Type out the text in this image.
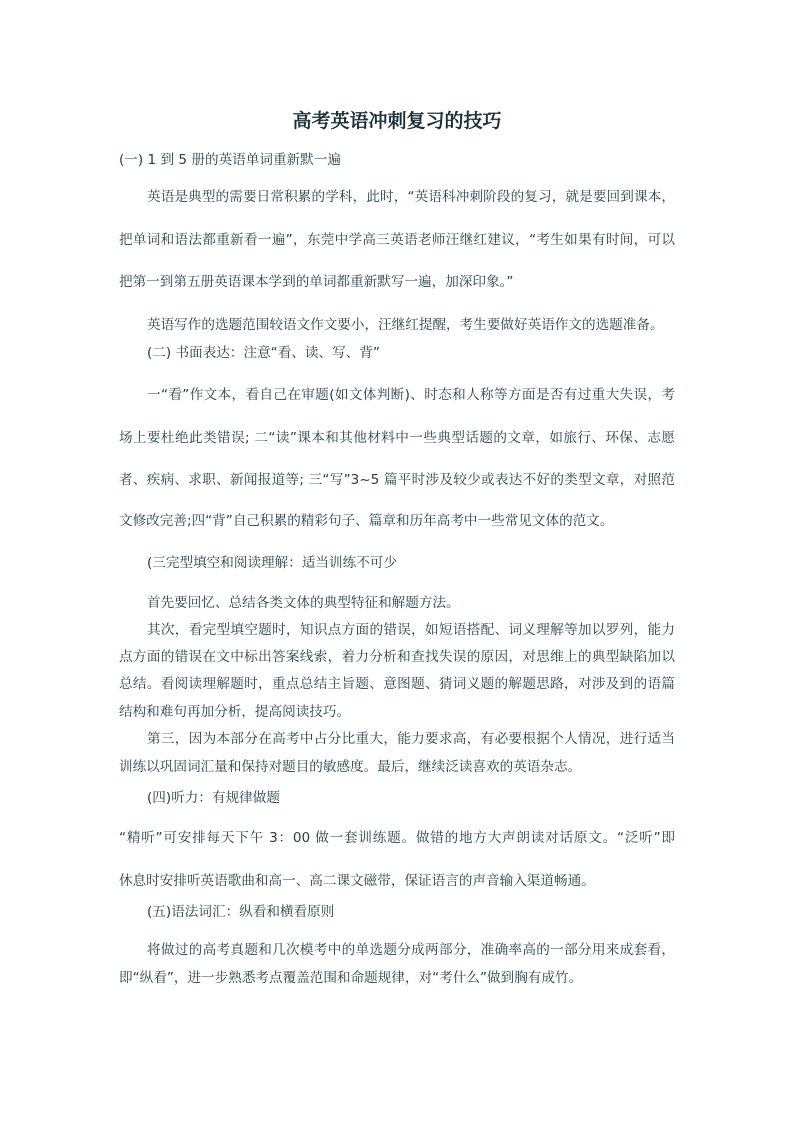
高考英语冲刺复习的技巧
(一) 1 到 5 册的英语单词重新默一遍
英语是典型的需要日常积累的学科，此时，“英语科冲刺阶段的复习，就是要回到课本，
把单词和语法都重新看一遍”，东莞中学高三英语老师汪继红建议，“考生如果有时间，可以
把第一到第五册英语课本学到的单词都重新默写一遍，加深印象。”
英语写作的选题范围较语文作文要小，汪继红提醒，考生要做好英语作文的选题准备。
(二) 书面表达：注意“看、读、写、背”
一“看”作文本，看自己在审题(如文体判断)、时态和人称等方面是否有过重大失误，考
场上要杜绝此类错误; 二“读”课本和其他材料中一些典型话题的文章，如旅行、环保、志愿
者、疾病、求职、新闻报道等; 三“写”3~5 篇平时涉及较少或表达不好的类型文章，对照范
文修改完善;四“背”自己积累的精彩句子、篇章和历年高考中一些常见文体的范文。
(三完型填空和阅读理解：适当训练不可少
首先要回忆、总结各类文体的典型特征和解题方法。
其次，看完型填空题时，知识点方面的错误，如短语搭配、词义理解等加以罗列，能力
点方面的错误在文中标出答案线索，着力分析和查找失误的原因，对思维上的典型缺陷加以
总结。看阅读理解题时，重点总结主旨题、意图题、猜词义题的解题思路，对涉及到的语篇
结构和难句再加分析，提高阅读技巧。
第三，因为本部分在高考中占分比重大，能力要求高，有必要根据个人情况，进行适当
训练以巩固词汇量和保持对题目的敏感度。最后，继续泛读喜欢的英语杂志。
(四)听力：有规律做题
“精听”可安排每天下午 3：00 做一套训练题。做错的地方大声朗读对话原文。“泛听”即
休息时安排听英语歌曲和高一、高二课文磁带，保证语言的声音输入渠道畅通。
(五)语法词汇：纵看和横看原则
将做过的高考真题和几次模考中的单选题分成两部分，准确率高的一部分用来成套看，
即“纵看”，进一步熟悉考点覆盖范围和命题规律，对“考什么”做到胸有成竹。
